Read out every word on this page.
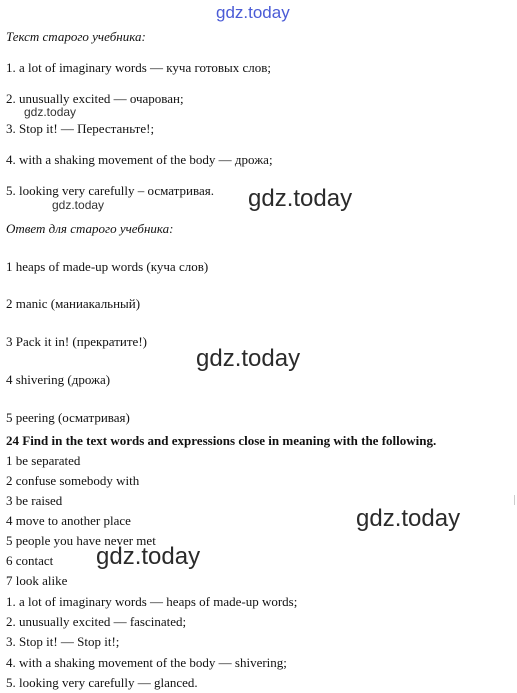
gdz.today
Текст старого учебника:
1. a lot of imaginary words — куча готовых слов;
2. unusually excited — очарован;
gdz.today
3. Stop it! — Перестаньте!;
4. with a shaking movement of the body — дрожа;
5. looking very carefully – осматривая. gdz.today
gdz.today
Ответ для старого учебника:
1 heaps of made-up words (куча слов)
2 manic (маниакальный)
3 Pack it in! (прекратите!)
gdz.today
4 shivering (дрожа)
5 peering (осматривая)
24 Find in the text words and expressions close in meaning with the following.
1 be separated
2 confuse somebody with
3 be raised
4 move to another place	gdz.today
5 people you have never met
gdz.today
6 contact
7 look alike
1. a lot of imaginary words — heaps of made-up words;
2. unusually excited — fascinated;
3. Stop it! — Stop it!;
4. with a shaking movement of the body — shivering;
5. looking very carefully — glanced.
